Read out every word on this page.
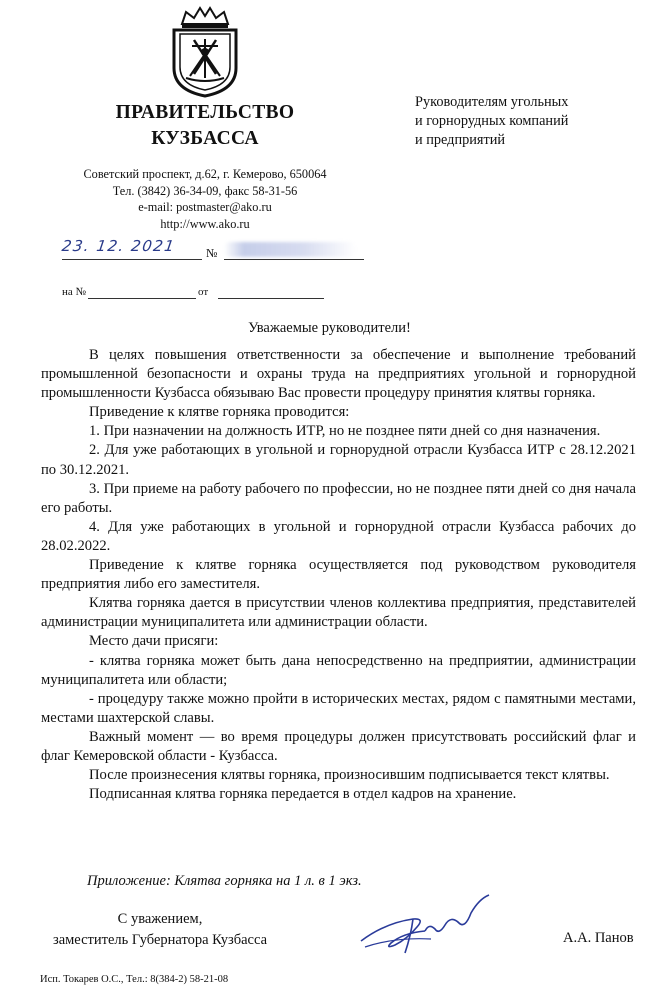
ПРАВИТЕЛЬСТВО
КУЗБАССА
Руководителям угольных
и горнорудных компаний
и предприятий
Советский проспект, д.62, г. Кемерово, 650064
Тел. (3842) 36-34-09, факс 58-31-56
e-mail: postmaster@ako.ru
http://www.ako.ru
23. 12. 2021	№
на №	от
Уважаемые руководители!

В целях повышения ответственности за обеспечение и выполнение требований промышленной безопасности и охраны труда на предприятиях угольной и горнорудной промышленности Кузбасса обязываю Вас провести процедуру принятия клятвы горняка.

Приведение к клятве горняка проводится:

1. При назначении на должность ИТР, но не позднее пяти дней со дня назначения.

2. Для уже работающих в угольной и горнорудной отрасли Кузбасса ИТР с 28.12.2021 по 30.12.2021.

3. При приеме на работу рабочего по профессии, но не позднее пяти дней со дня начала его работы.

4. Для уже работающих в угольной и горнорудной отрасли Кузбасса рабочих до 28.02.2022.

Приведение к клятве горняка осуществляется под руководством руководителя предприятия либо его заместителя.

Клятва горняка дается в присутствии членов коллектива предприятия, представителей администрации муниципалитета или администрации области.

Место дачи присяги:

- клятва горняка может быть дана непосредственно на предприятии, администрации муниципалитета или области;

- процедуру также можно пройти в исторических местах, рядом с памятными местами, местами шахтерской славы.

Важный момент — во время процедуры должен присутствовать российский флаг и флаг Кемеровской области - Кузбасса.

После произнесения клятвы горняка, произносившим подписывается текст клятвы.

Подписанная клятва горняка передается в отдел кадров на хранение.

Приложение: Клятва горняка на 1 л. в 1 экз.
С уважением,
заместитель Губернатора Кузбасса	А.А. Панов
Исп. Токарев О.С., Тел.: 8(384-2) 58-21-08
